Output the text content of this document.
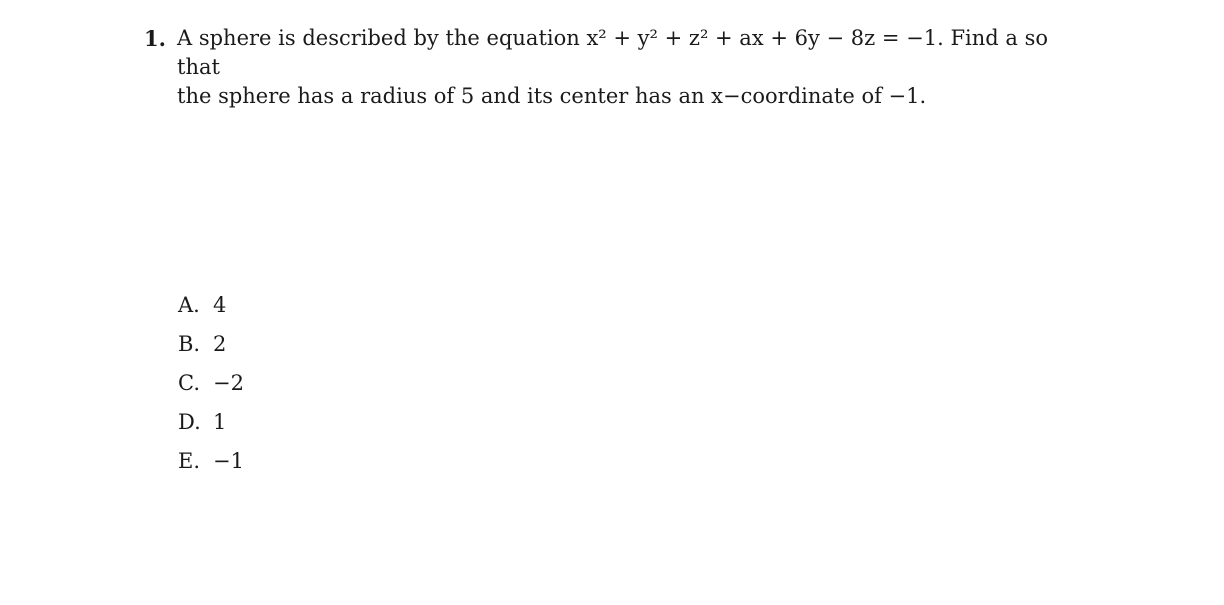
1. A sphere is described by the equation x² + y² + z² + ax + 6y − 8z = −1. Find a so that
the sphere has a radius of 5 and its center has an x−coordinate of −1.
A. 4
B. 2
C. −2
D. 1
E. −1
